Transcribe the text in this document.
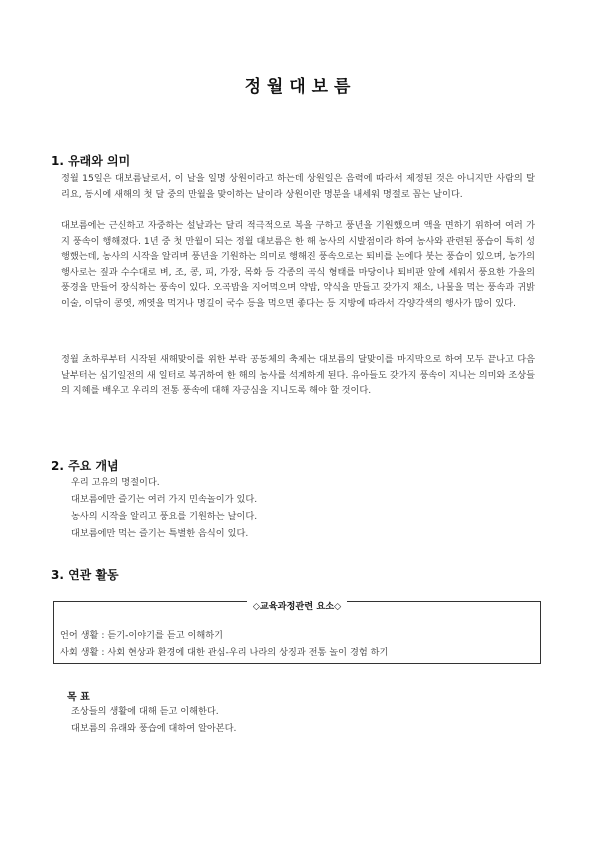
정 월 대 보 름
1. 유래와 의미
정월 15일은 대보름날로서, 이 날을 일명 상원이라고 하는데 상원일은 음력에 따라서 제정된 것은 아니지만 사람의 탈리요, 동시에 새해의 첫 달 중의 만월을 맞이하는 날이라 상원이란 명분을 내세워 명절로 꼽는 날이다.
대보름에는 근신하고 자중하는 설날과는 달리 적극적으로 복을 구하고 풍년을 기원했으며 액을 면하기 위하여 여러 가지 풍속이 행해졌다. 1년 중 첫 만월이 되는 정월 대보름은 한 해 농사의 시발점이라 하여 농사와 관련된 풍습이 특히 성행했는데, 농사의 시작을 알리며 풍년을 기원하는 의미로 행해진 풍속으로는 퇴비를 논에다 붓는 풍습이 있으며, 농가의 행사로는 짚과 수수대로 벼, 조, 콩, 피, 가장, 목화 등 각종의 곡식 형태를 마당이나 퇴비판 앞에 세워서 풍요한 가을의 풍경을 만들어 장식하는 풍속이 있다. 오곡밥을 지어먹으며 약밥, 약식을 만들고 갖가지 채소, 나물을 먹는 풍속과 귀밝이술, 이닦이 콩엿, 깨엿을 먹거나 명길이 국수 등을 먹으면 좋다는 등 지방에 따라서 각양각색의 행사가 많이 있다.
정월 초하루부터 시작된 새해맞이를 위한 부락 공동체의 축제는 대보름의 달맞이를 마지막으로 하여 모두 끝나고 다음 날부터는 심기일전의 새 일터로 복귀하여 한 해의 농사를 석계하게 된다. 유아들도 갖가지 풍속이 지니는 의미와 조상들의 지혜를 배우고 우리의 전통 풍속에 대해 자긍심을 지니도록 해야 할 것이다.
2. 주요 개념
우리 고유의 명절이다.
대보름에만 즐기는 여러 가지 민속놀이가 있다.
농사의 시작을 알리고 풍요를 기원하는 날이다.
대보름에만 먹는 즐기는 특별한 음식이 있다.
3. 연관 활동
◇교육과정관련 요소◇
언어 생활 : 듣기-이야기를 듣고 이해하기
사회 생활 : 사회 현상과 환경에 대한 관심-우리 나라의 상징과 전통 놀이 경험 하기
목 표
조상들의 생활에 대해 듣고 이해한다.
대보름의 유래와 풍습에 대하여 알아본다.
